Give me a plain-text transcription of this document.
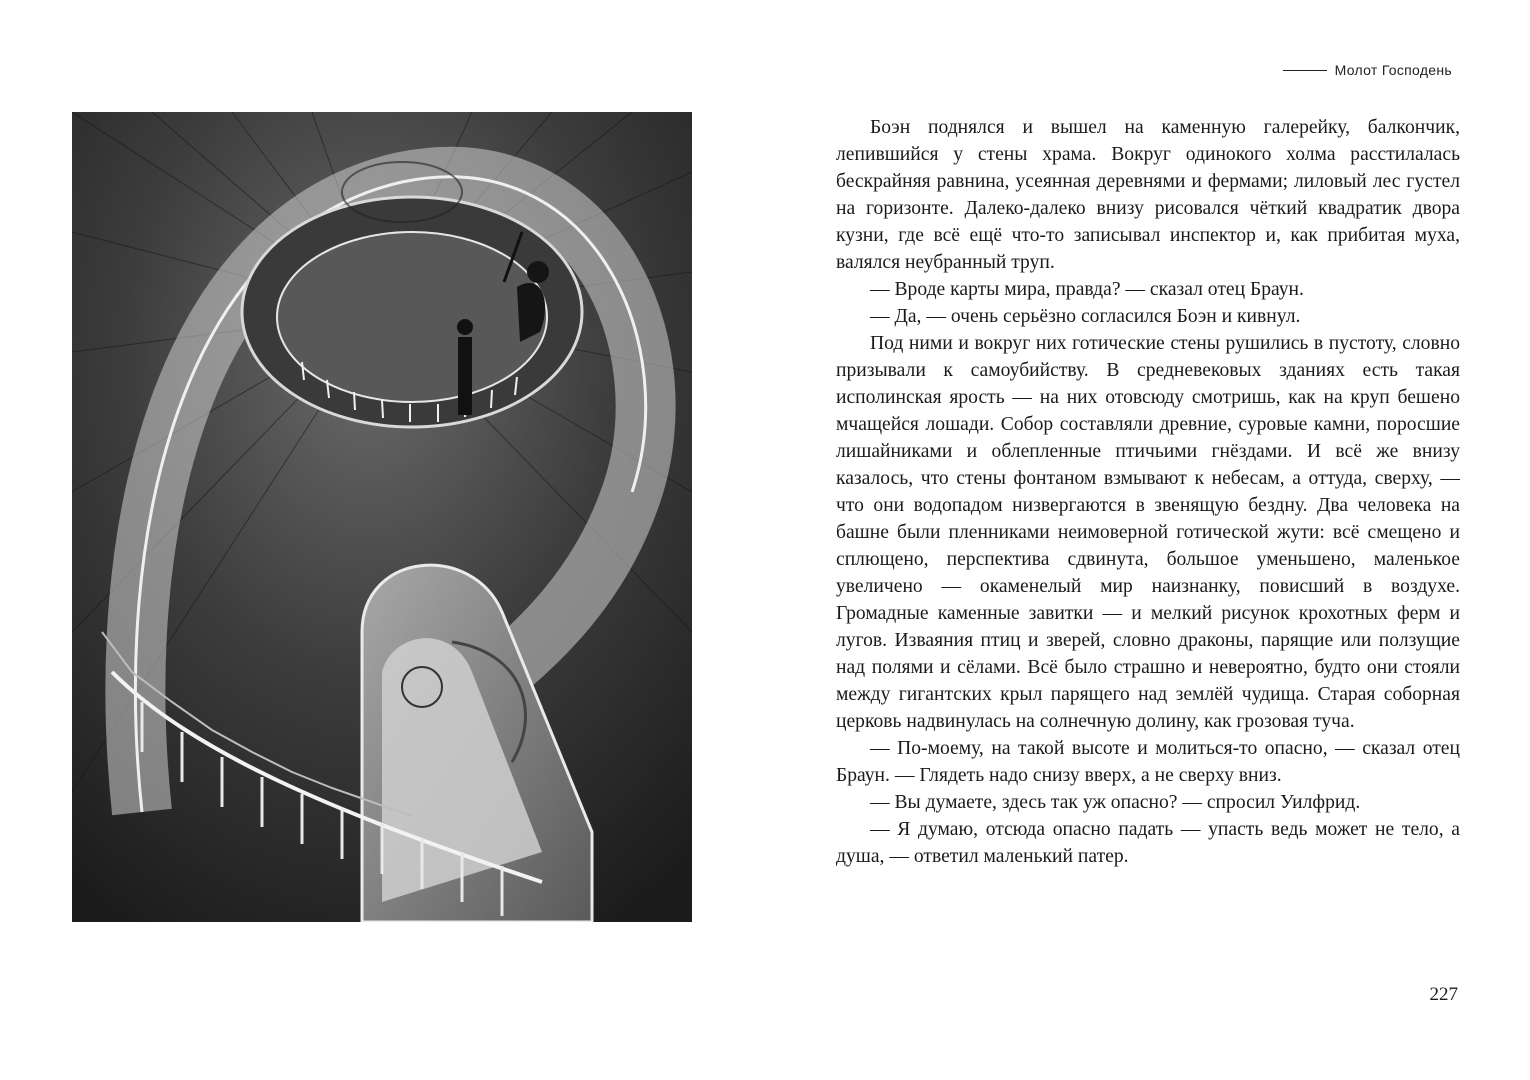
Молот Господень

Боэн поднялся и вышел на каменную галерейку, балкончик, лепившийся у стены храма. Вокруг одинокого холма расстилалась бескрайняя равнина, усеянная деревнями и фермами; лиловый лес густел на горизонте. Далеко-далеко внизу рисовался чёткий квадратик двора кузни, где всё ещё что-то записывал инспектор и, как прибитая муха, валялся неубранный труп.

— Вроде карты мира, правда? — сказал отец Браун.

— Да, — очень серьёзно согласился Боэн и кивнул.

Под ними и вокруг них готические стены рушились в пустоту, словно призывали к самоубийству. В средневековых зданиях есть такая исполинская ярость — на них отовсюду смотришь, как на круп бешено мчащейся лошади. Собор составляли древние, суровые камни, поросшие лишайниками и облепленные птичьими гнёздами. И всё же внизу казалось, что стены фонтаном взмывают к небесам, а оттуда, сверху, — что они водопадом низвергаются в звенящую бездну. Два человека на башне были пленниками неимоверной готической жути: всё смещено и сплющено, перспектива сдвинута, большое уменьшено, маленькое увеличено — окаменелый мир наизнанку, повисший в воздухе. Громадные каменные завитки — и мелкий рисунок крохотных ферм и лугов. Изваяния птиц и зверей, словно драконы, парящие или ползущие над полями и сёлами. Всё было страшно и невероятно, будто они стояли между гигантских крыл парящего над землёй чудища. Старая соборная церковь надвинулась на солнечную долину, как грозовая туча.

— По-моему, на такой высоте и молиться-то опасно, — сказал отец Браун. — Глядеть надо снизу вверх, а не сверху вниз.

— Вы думаете, здесь так уж опасно? — спросил Уилфрид.

— Я думаю, отсюда опасно падать — упасть ведь может не тело, а душа, — ответил маленький патер.

227
